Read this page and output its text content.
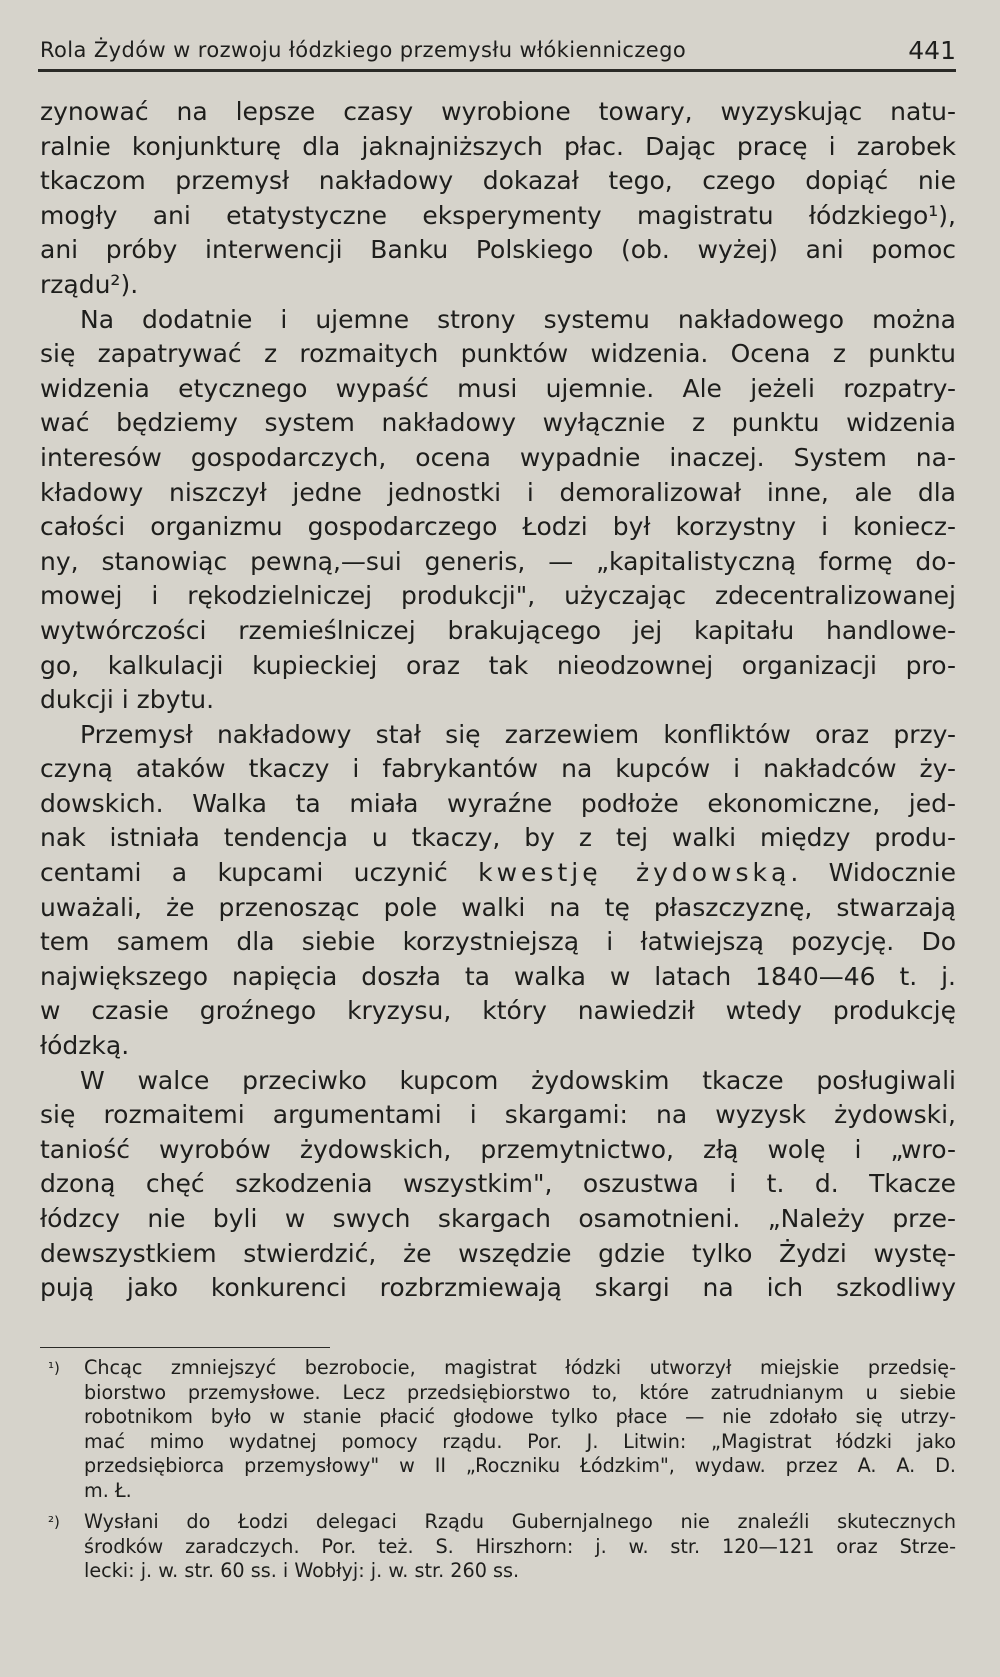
Rola Żydów w rozwoju łódzkiego przemysłu włókienniczego	441
zynować na lepsze czasy wyrobione towary, wyzyskując natu-
ralnie konjunkturę dla jaknajniższych płac. Dając pracę i zarobek
tkaczom przemysł nakładowy dokazał tego, czego dopiąć nie
mogły ani etatystyczne eksperymenty magistratu łódzkiego¹),
ani próby interwencji Banku Polskiego (ob. wyżej) ani pomoc
rządu²).
Na dodatnie i ujemne strony systemu nakładowego można
się zapatrywać z rozmaitych punktów widzenia. Ocena z punktu
widzenia etycznego wypaść musi ujemnie. Ale jeżeli rozpatry-
wać będziemy system nakładowy wyłącznie z punktu widzenia
interesów gospodarczych, ocena wypadnie inaczej. System na-
kładowy niszczył jedne jednostki i demoralizował inne, ale dla
całości organizmu gospodarczego Łodzi był korzystny i koniecz-
ny, stanowiąc pewną,—sui generis, — „kapitalistyczną formę do-
mowej i rękodzielniczej produkcji", użyczając zdecentralizowanej
wytwórczości rzemieślniczej brakującego jej kapitału handlowe-
go, kalkulacji kupieckiej oraz tak nieodzownej organizacji pro-
dukcji i zbytu.
Przemysł nakładowy stał się zarzewiem konfliktów oraz przy-
czyną ataków tkaczy i fabrykantów na kupców i nakładców ży-
dowskich. Walka ta miała wyraźne podłoże ekonomiczne, jed-
nak istniała tendencja u tkaczy, by z tej walki między produ-
centami a kupcami uczynić kwestję żydowską. Widocznie
uważali, że przenosząc pole walki na tę płaszczyznę, stwarzają
tem samem dla siebie korzystniejszą i łatwiejszą pozycję. Do
największego napięcia doszła ta walka w latach 1840—46 t. j.
w czasie groźnego kryzysu, który nawiedził wtedy produkcję
łódzką.
W walce przeciwko kupcom żydowskim tkacze posługiwali
się rozmaitemi argumentami i skargami: na wyzysk żydowski,
taniość wyrobów żydowskich, przemytnictwo, złą wolę i „wro-
dzoną chęć szkodzenia wszystkim", oszustwa i t. d. Tkacze
łódzcy nie byli w swych skargach osamotnieni. „Należy prze-
dewszystkiem stwierdzić, że wszędzie gdzie tylko Żydzi wystę-
pują jako konkurenci rozbrzmiewają skargi na ich szkodliwy
¹) Chcąc zmniejszyć bezrobocie, magistrat łódzki utworzył miejskie przedsię-
biorstwo przemysłowe. Lecz przedsiębiorstwo to, które zatrudnianym u siebie
robotnikom było w stanie płacić głodowe tylko płace — nie zdołało się utrzy-
mać mimo wydatnej pomocy rządu. Por. J. Litwin: „Magistrat łódzki jako
przedsiębiorca przemysłowy" w II „Roczniku Łódzkim", wydaw. przez A. A. D.
m. Ł.
²) Wysłani do Łodzi delegaci Rządu Gubernjalnego nie znaleźli skutecznych
środków zaradczych. Por. też. S. Hirszhorn: j. w. str. 120—121 oraz Strze-
lecki: j. w. str. 60 ss. i Wobłyj: j. w. str. 260 ss.
